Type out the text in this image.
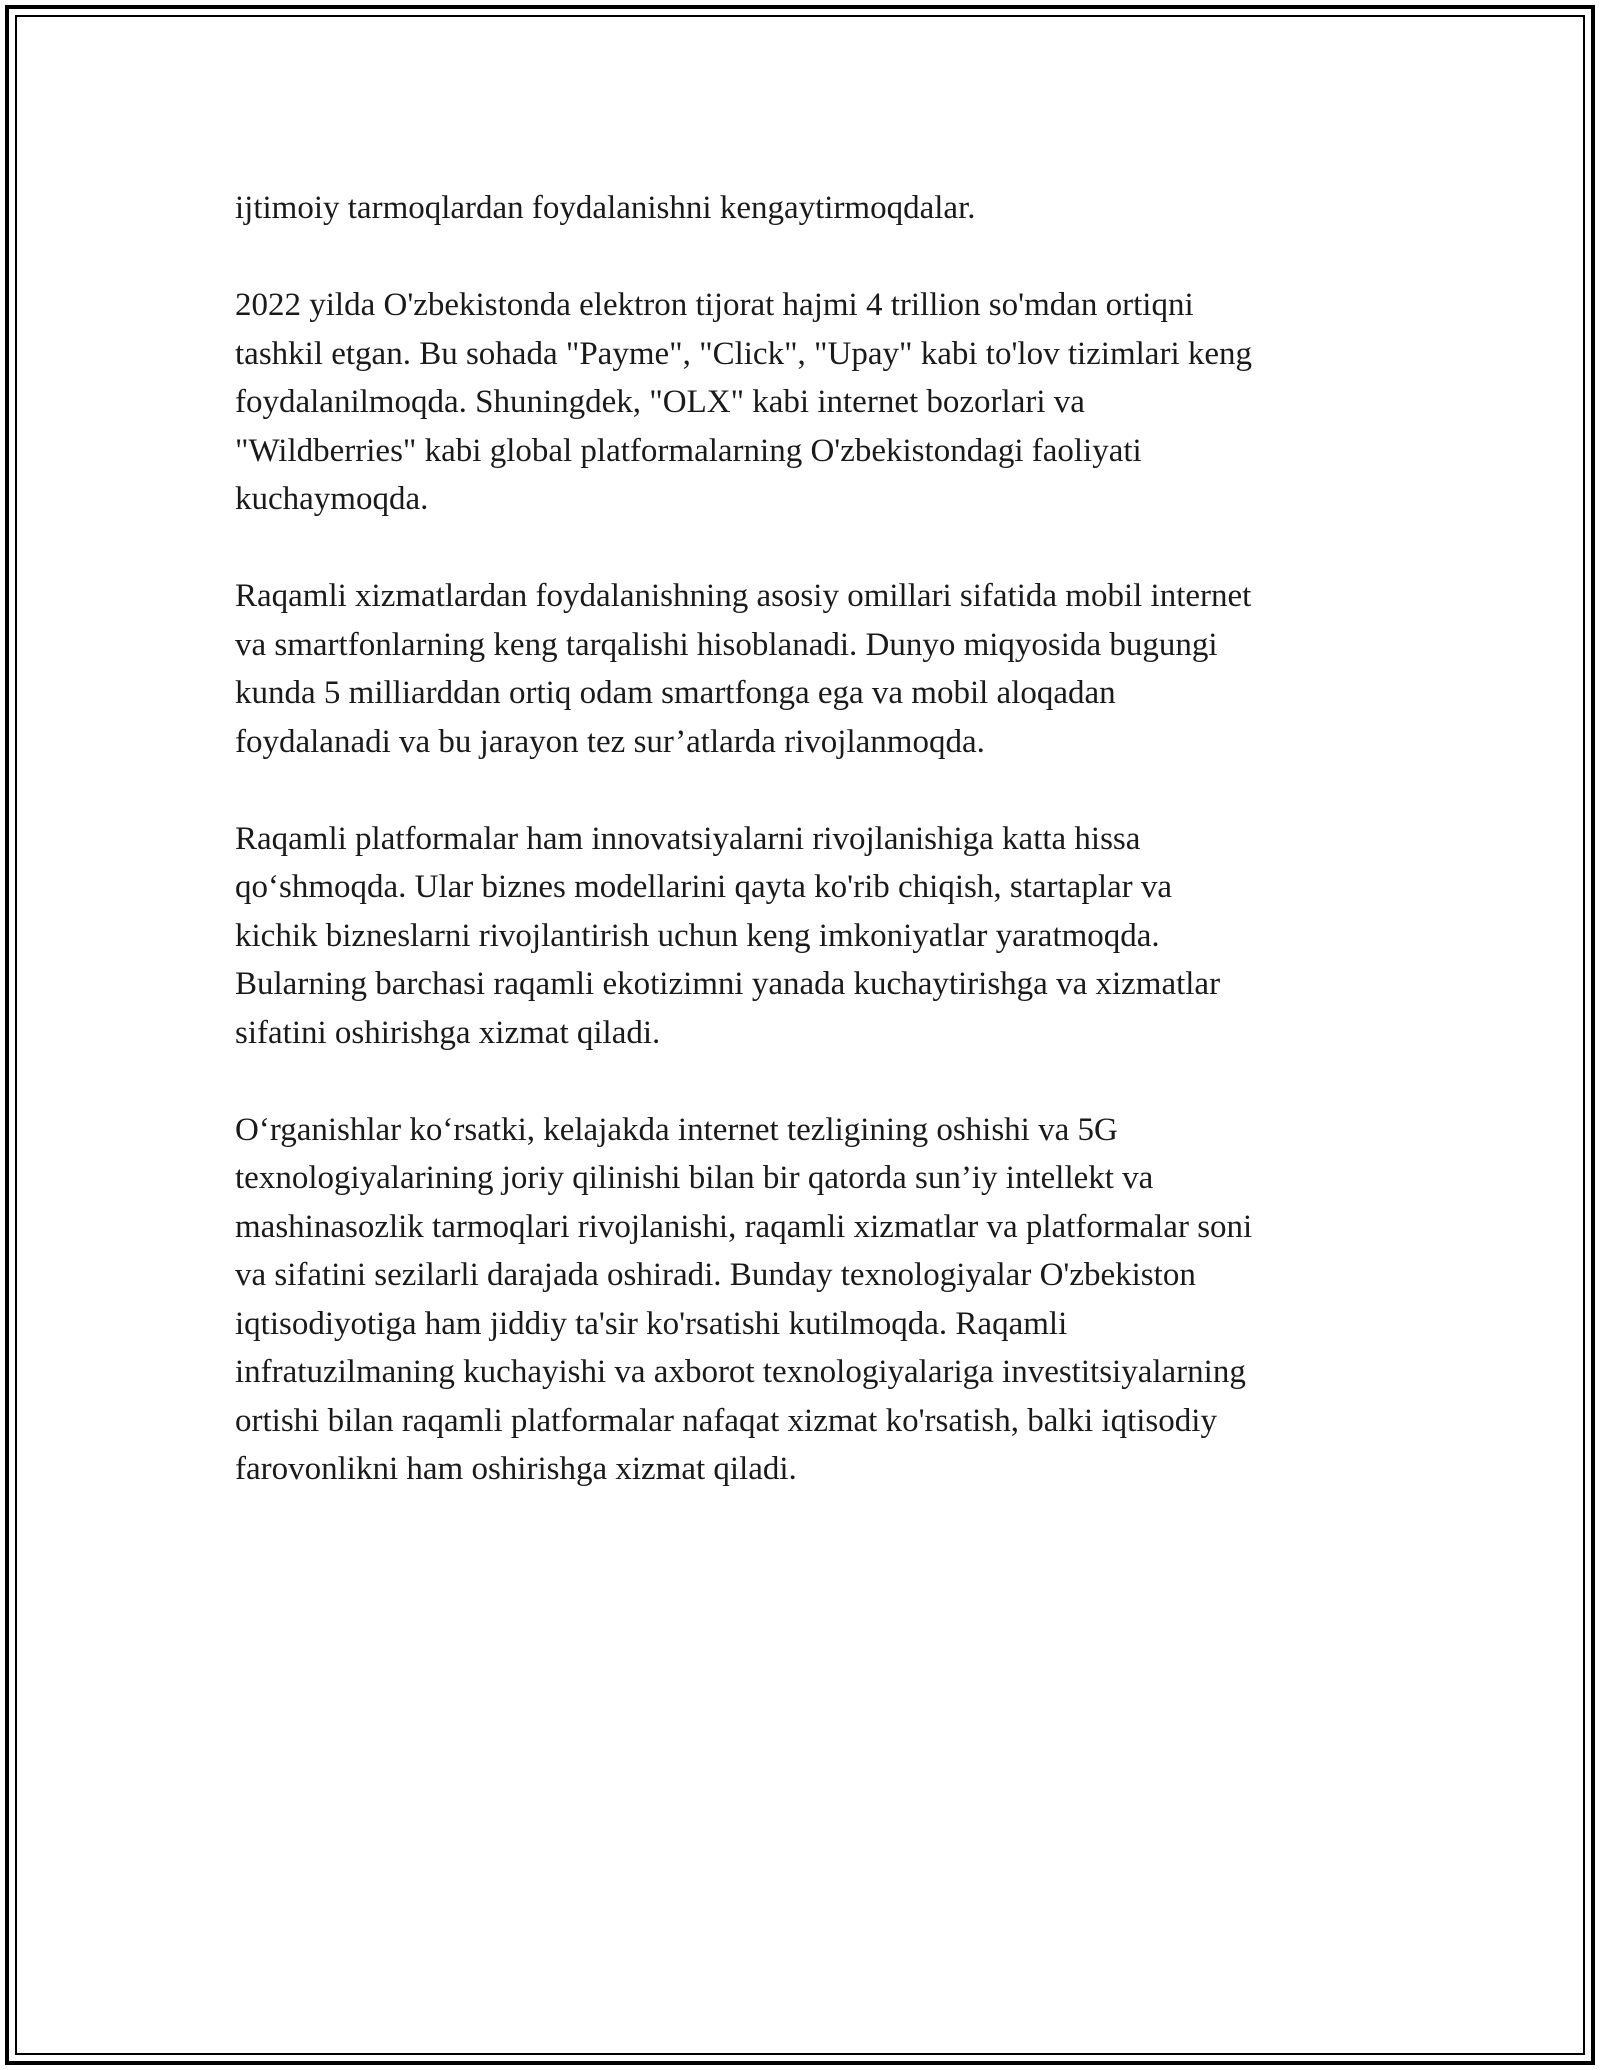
ijtimoiy tarmoqlardan foydalanishni kengaytirmoqdalar.

2022 yilda O'zbekistonda elektron tijorat hajmi 4 trillion so'mdan ortiqni
tashkil etgan. Bu sohada "Payme", "Click", "Upay" kabi to'lov tizimlari keng
foydalanilmoqda. Shuningdek, "OLX" kabi internet bozorlari va
"Wildberries" kabi global platformalarning O'zbekistondagi faoliyati
kuchaymoqda.

Raqamli xizmatlardan foydalanishning asosiy omillari sifatida mobil internet
va smartfonlarning keng tarqalishi hisoblanadi. Dunyo miqyosida bugungi
kunda 5 milliarddan ortiq odam smartfonga ega va mobil aloqadan
foydalanadi va bu jarayon tez sur’atlarda rivojlanmoqda.

Raqamli platformalar ham innovatsiyalarni rivojlanishiga katta hissa
qo‘shmoqda. Ular biznes modellarini qayta ko'rib chiqish, startaplar va
kichik bizneslarni rivojlantirish uchun keng imkoniyatlar yaratmoqda.
Bularning barchasi raqamli ekotizimni yanada kuchaytirishga va xizmatlar
sifatini oshirishga xizmat qiladi.

O‘rganishlar ko‘rsatki, kelajakda internet tezligining oshishi va 5G
texnologiyalarining joriy qilinishi bilan bir qatorda sun’iy intellekt va
mashinasozlik tarmoqlari rivojlanishi, raqamli xizmatlar va platformalar soni
va sifatini sezilarli darajada oshiradi. Bunday texnologiyalar O'zbekiston
iqtisodiyotiga ham jiddiy ta'sir ko'rsatishi kutilmoqda. Raqamli
infratuzilmaning kuchayishi va axborot texnologiyalariga investitsiyalarning
ortishi bilan raqamli platformalar nafaqat xizmat ko'rsatish, balki iqtisodiy
farovonlikni ham oshirishga xizmat qiladi.
